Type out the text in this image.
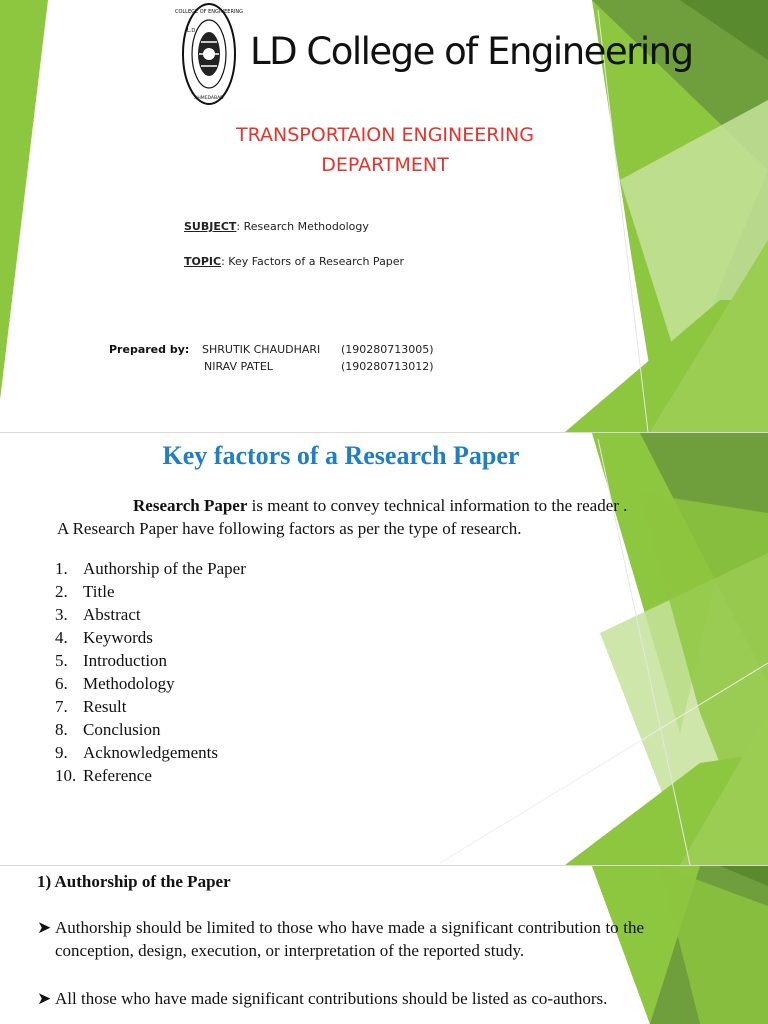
COLLEGE OF ENGINEERING
L.D.
AHMEDABAD
LD College of Engineering
TRANSPORTAION ENGINEERING
DEPARTMENT
SUBJECT: Research Methodology
TOPIC: Key Factors of a Research Paper
Prepared by: SHRUTIK CHAUDHARI (190280713005)
NIRAV PATEL	(190280713012)
Key factors of a Research Paper
Research Paper is meant to convey technical information to the reader .
A Research Paper have following factors as per the type of research.
1. Authorship of the Paper
2. Title
3. Abstract
4. Keywords
5. Introduction
6. Methodology
7. Result
8. Conclusion
9. Acknowledgements
10. Reference
1) Authorship of the Paper
➤ Authorship should be limited to those who have made a significant contribution to the conception, design, execution, or interpretation of the reported study.
➤ All those who have made significant contributions should be listed as co-authors.
